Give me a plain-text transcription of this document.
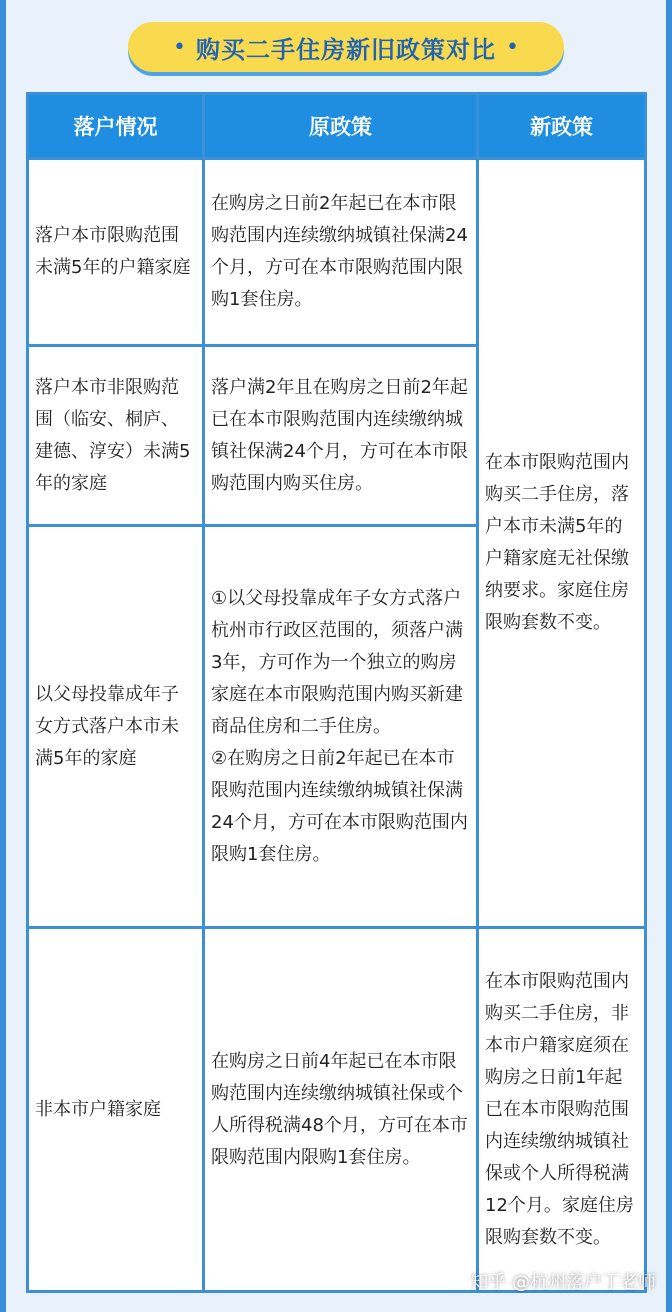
• 购买二手住房新旧政策对比 •
落户情况	原政策	新政策
落户本市限购范围未满5年的户籍家庭	在购房之日前2年起已在本市限购范围内连续缴纳城镇社保满24个月，方可在本市限购范围内限购1套住房。	在本市限购范围内购买二手住房，落户本市未满5年的户籍家庭无社保缴纳要求。家庭住房限购套数不变。
落户本市非限购范围（临安、桐庐、建德、淳安）未满5年的家庭	落户满2年且在购房之日前2年起已在本市限购范围内连续缴纳城镇社保满24个月，方可在本市限购范围内购买住房。	
以父母投靠成年子女方式落户本市未满5年的家庭	①以父母投靠成年子女方式落户杭州市行政区范围的，须落户满3年，方可作为一个独立的购房家庭在本市限购范围内购买新建商品住房和二手住房。
②在购房之日前2年起已在本市限购范围内连续缴纳城镇社保满24个月，方可在本市限购范围内限购1套住房。	

非本市户籍家庭	在购房之日前4年起已在本市限购范围内连续缴纳城镇社保或个人所得税满48个月，方可在本市限购范围内限购1套住房。	在本市限购范围内购买二手住房，非本市户籍家庭须在购房之日前1年起已在本市限购范围内连续缴纳城镇社保或个人所得税满12个月。家庭住房限购套数不变。
知乎 @杭州落户丁老师
